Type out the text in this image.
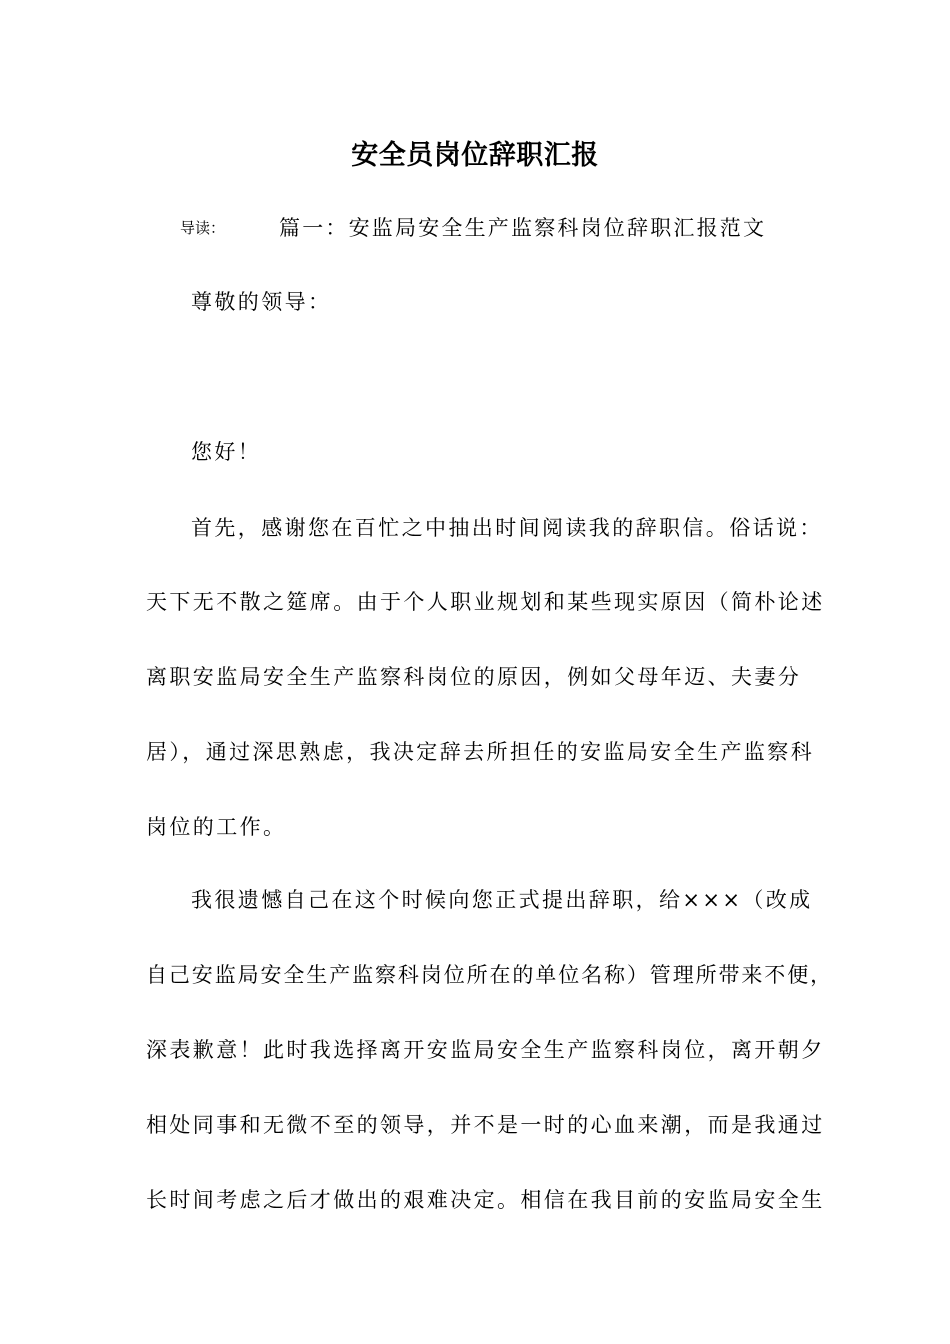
安全员岗位辞职汇报
导读：	篇一：安监局安全生产监察科岗位辞职汇报范文
尊敬的领导：
您好！
首先，感谢您在百忙之中抽出时间阅读我的辞职信。俗话说：
天下无不散之筵席。由于个人职业规划和某些现实原因（简朴论述
离职安监局安全生产监察科岗位的原因，例如父母年迈、夫妻分
居），通过深思熟虑，我决定辞去所担任的安监局安全生产监察科
岗位的工作。
我很遗憾自己在这个时候向您正式提出辞职，给×××（改成
自己安监局安全生产监察科岗位所在的单位名称）管理所带来不便，
深表歉意！此时我选择离开安监局安全生产监察科岗位，离开朝夕
相处同事和无微不至的领导，并不是一时的心血来潮，而是我通过
长时间考虑之后才做出的艰难决定。相信在我目前的安监局安全生
